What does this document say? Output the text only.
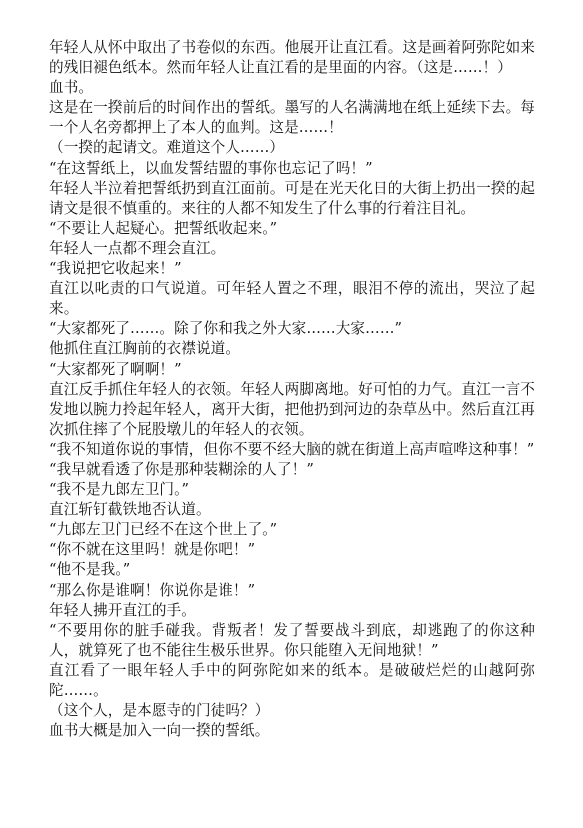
年轻人从怀中取出了书卷似的东西。他展开让直江看。这是画着阿弥陀如来的残旧褪色纸本。然而年轻人让直江看的是里面的内容。（这是……！）

血书。

这是在一揆前后的时间作出的誓纸。墨写的人名满满地在纸上延续下去。每一个人名旁都押上了本人的血判。这是……！

（一揆的起请文。难道这个人……）

“在这誓纸上，以血发誓结盟的事你也忘记了吗！”

年轻人半泣着把誓纸扔到直江面前。可是在光天化日的大街上扔出一揆的起请文是很不慎重的。来往的人都不知发生了什么事的行着注目礼。

“不要让人起疑心。把誓纸收起来。”

年轻人一点都不理会直江。

“我说把它收起来！”

直江以叱责的口气说道。可年轻人置之不理，眼泪不停的流出，哭泣了起来。

“大家都死了……。除了你和我之外大家……大家……”

他抓住直江胸前的衣襟说道。

“大家都死了啊啊！”

直江反手抓住年轻人的衣领。年轻人两脚离地。好可怕的力气。直江一言不发地以腕力拎起年轻人，离开大街，把他扔到河边的杂草丛中。然后直江再次抓住摔了个屁股墩儿的年轻人的衣领。

“我不知道你说的事情，但你不要不经大脑的就在街道上高声喧哗这种事！”

“我早就看透了你是那种装糊涂的人了！”

“我不是九郎左卫门。”

直江斩钉截铁地否认道。

“九郎左卫门已经不在这个世上了。”

“你不就在这里吗！就是你吧！”

“他不是我。”

“那么你是谁啊！你说你是谁！”

年轻人拂开直江的手。

“不要用你的脏手碰我。背叛者！发了誓要战斗到底，却逃跑了的你这种人，就算死了也不能往生极乐世界。你只能堕入无间地狱！”

直江看了一眼年轻人手中的阿弥陀如来的纸本。是破破烂烂的山越阿弥陀……。

（这个人，是本愿寺的门徒吗？）

血书大概是加入一向一揆的誓纸。
